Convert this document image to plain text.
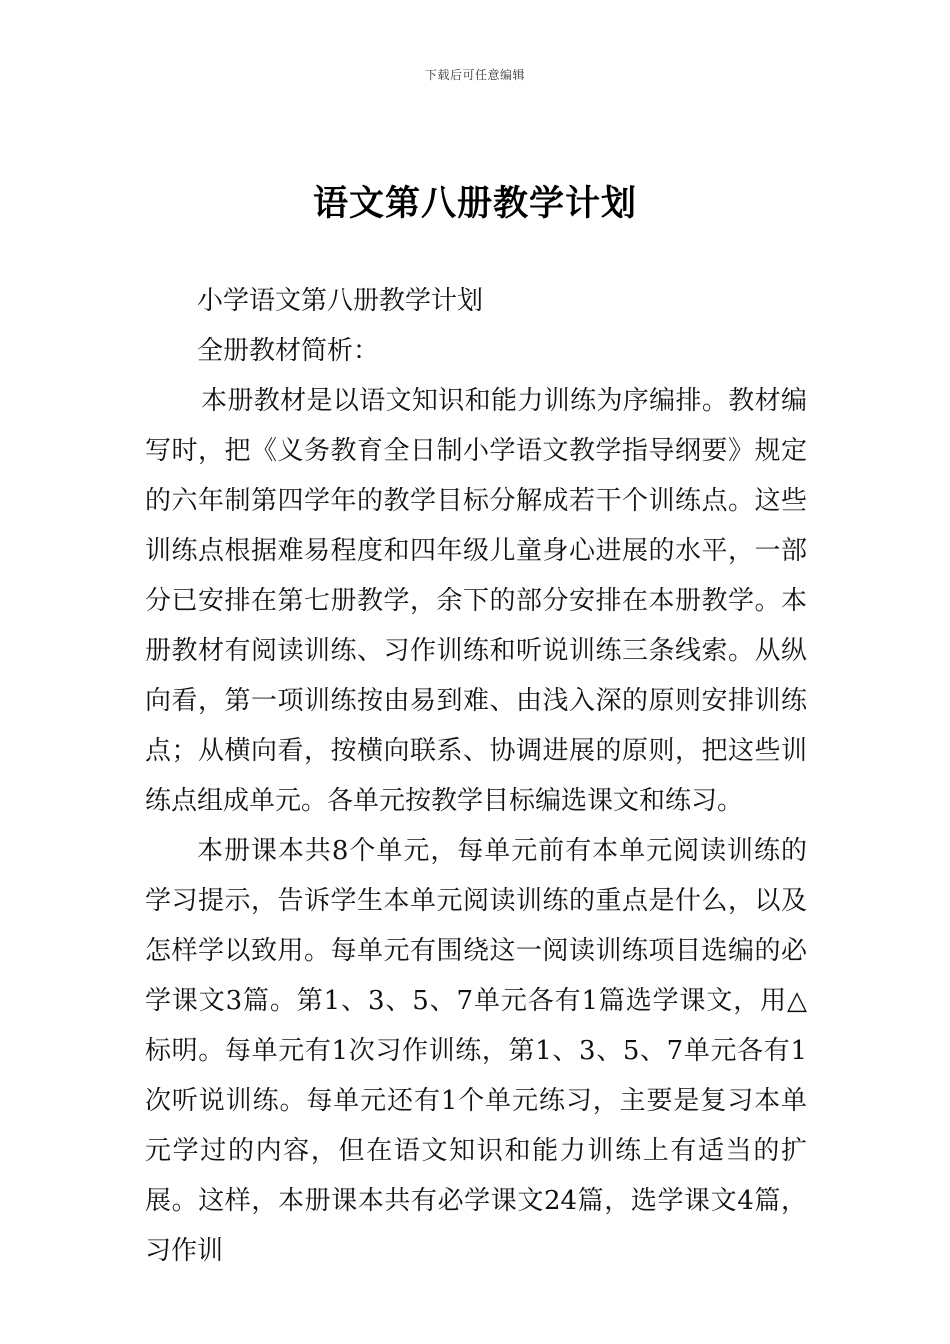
下载后可任意编辑
语文第八册教学计划

小学语文第八册教学计划

全册教材简析：

本册教材是以语文知识和能力训练为序编排。教材编写时，把《义务教育全日制小学语文教学指导纲要》规定的六年制第四学年的教学目标分解成若干个训练点。这些训练点根据难易程度和四年级儿童身心进展的水平，一部分已安排在第七册教学，余下的部分安排在本册教学。本册教材有阅读训练、习作训练和听说训练三条线索。从纵向看，第一项训练按由易到难、由浅入深的原则安排训练点；从横向看，按横向联系、协调进展的原则，把这些训练点组成单元。各单元按教学目标编选课文和练习。

本册课本共8个单元，每单元前有本单元阅读训练的学习提示，告诉学生本单元阅读训练的重点是什么，以及怎样学以致用。每单元有围绕这一阅读训练项目选编的必学课文3篇。第1、3、5、7单元各有1篇选学课文，用△标明。每单元有1次习作训练，第1、3、5、7单元各有1次听说训练。每单元还有1个单元练习，主要是复习本单元学过的内容，但在语文知识和能力训练上有适当的扩展。这样，本册课本共有必学课文24篇，选学课文4篇，习作训
